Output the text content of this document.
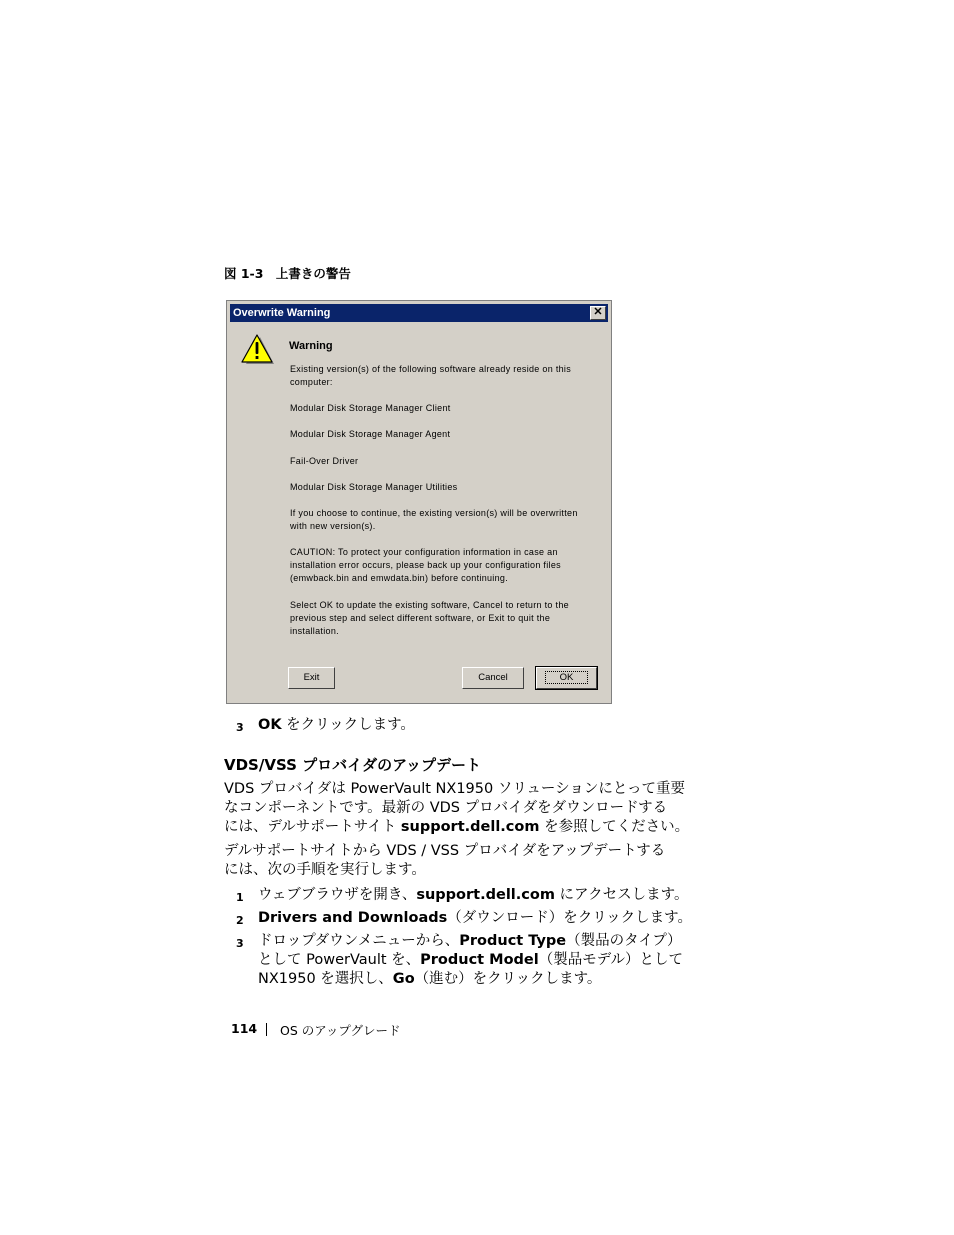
図 1-3　上書きの警告
Overwrite Warning	✕
Warning
Existing version(s) of the following software already reside on this
computer:
Modular Disk Storage Manager Client
Modular Disk Storage Manager Agent
Fail-Over Driver
Modular Disk Storage Manager Utilities
If you choose to continue, the existing version(s) will be overwritten
with new version(s).
CAUTION: To protect your configuration information in case an
installation error occurs, please back up your configuration files
(emwback.bin and emwdata.bin) before continuing.
Select OK to update the existing software, Cancel to return to the
previous step and select different software, or Exit to quit the
installation.
Exit	Cancel	OK
3 OK をクリックします。
VDS/VSS プロバイダのアップデート
VDS プロバイダは PowerVault NX1950 ソリューションにとって重要
なコンポーネントです。最新の VDS プロバイダをダウンロードする
には、デルサポートサイト support.dell.com を参照してください。
デルサポートサイトから VDS / VSS プロバイダをアップデートする
には、次の手順を実行します。
1 ウェブブラウザを開き、support.dell.com にアクセスします。
2 Drivers and Downloads（ダウンロード）をクリックします。
3 ドロップダウンメニューから、Product Type（製品のタイプ）
として PowerVault を、Product Model（製品モデル）として
NX1950 を選択し、Go（進む）をクリックします。
114 OS のアップグレード
